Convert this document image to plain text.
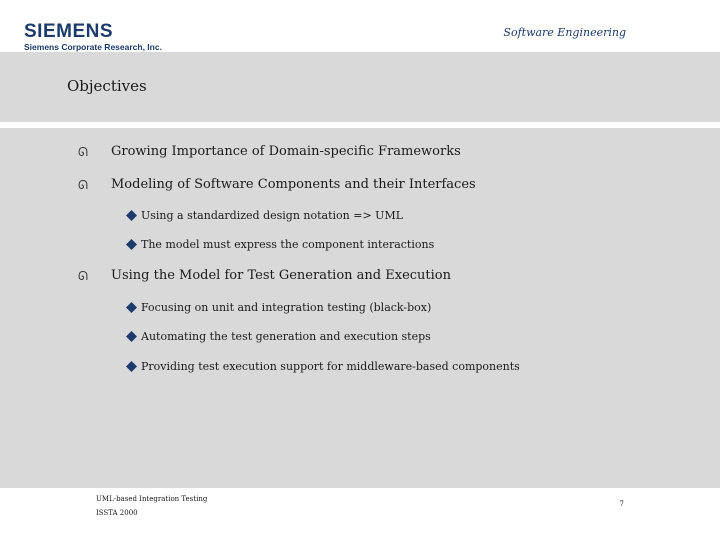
SIEMENS
Siemens Corporate Research, Inc.
Software Engineering
Objectives
ᘏ Growing Importance of Domain-specific Frameworks
ᘏ Modeling of Software Components and their Interfaces
Using a standardized design notation => UML
The model must express the component interactions
ᘏ Using the Model for Test Generation and Execution
Focusing on unit and integration testing (black-box)
Automating the test generation and execution steps
Providing test execution support for middleware-based components
UML-based Integration Testing
ISSTA 2000
7
